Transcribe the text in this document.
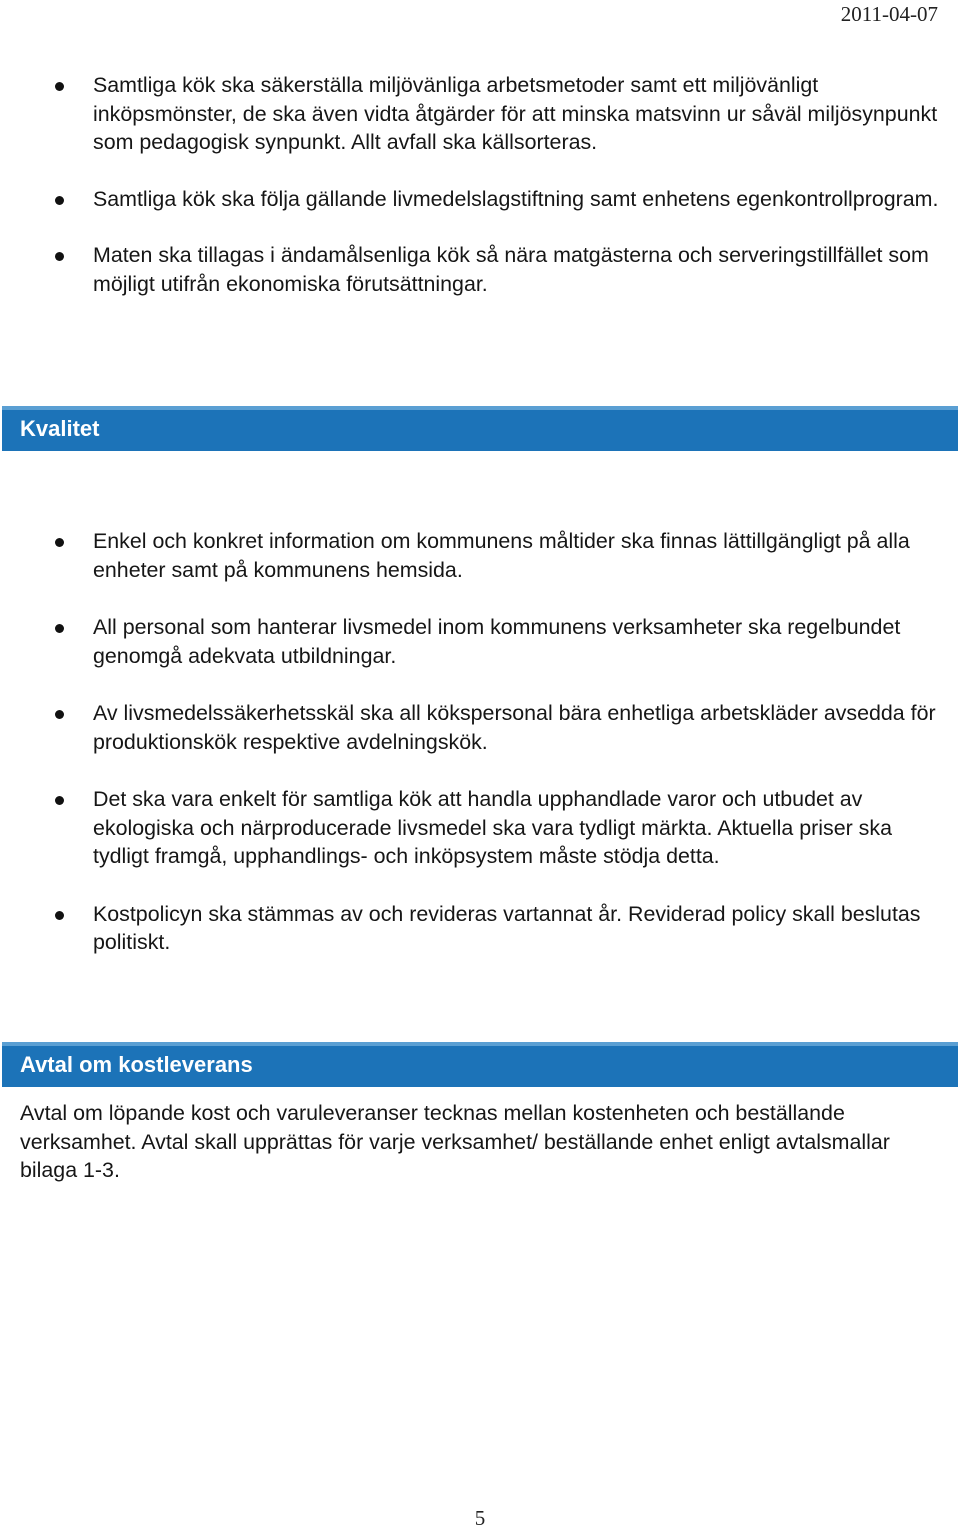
2011-04-07
Samtliga kök ska säkerställa miljövänliga arbetsmetoder samt ett miljövänligt inköpsmönster, de ska även vidta åtgärder för att minska matsvinn ur såväl miljösynpunkt som pedagogisk synpunkt. Allt avfall ska källsorteras.
Samtliga kök ska följa gällande livmedelslagstiftning samt enhetens egenkontrollprogram.
Maten ska tillagas i ändamålsenliga kök så nära matgästerna och serveringstillfället som möjligt utifrån ekonomiska förutsättningar.
Kvalitet
Enkel och konkret information om kommunens måltider ska finnas lättillgängligt på alla enheter samt på kommunens hemsida.
All personal som hanterar livsmedel inom kommunens verksamheter ska regelbundet genomgå adekvata utbildningar.
Av livsmedelssäkerhetsskäl ska all kökspersonal bära enhetliga arbetskläder avsedda för produktionskök respektive avdelningskök.
Det ska vara enkelt för samtliga kök att handla upphandlade varor och utbudet av ekologiska och närproducerade livsmedel ska vara tydligt märkta. Aktuella priser ska tydligt framgå, upphandlings- och inköpsystem måste stödja detta.
Kostpolicyn ska stämmas av och revideras vartannat år. Reviderad policy skall beslutas politiskt.
Avtal om kostleverans

Avtal om löpande kost och varuleveranser tecknas mellan kostenheten och beställande verksamhet. Avtal skall upprättas för varje verksamhet/ beställande enhet enligt avtalsmallar bilaga 1-3.

5
